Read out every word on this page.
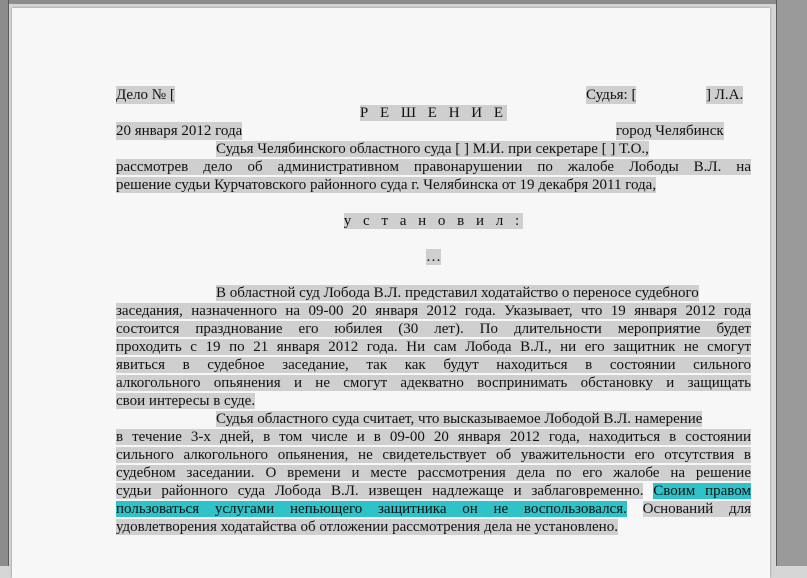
Дело № [	Судья: [	] Л.А.
Р Е Ш Е Н И Е
20 января 2012 года	город Челябинск
Судья Челябинского областного суда [ ] М.И. при секретаре [ ] Т.О.,
рассмотрев дело об административном правонарушении по жалобе Лободы В.Л. на
решение судьи Курчатовского районного суда г. Челябинска от 19 декабря 2011 года,
у с т а н о в и л :
…
В областной суд Лобода В.Л. представил ходатайство о переносе судебного
заседания, назначенного на 09-00 20 января 2012 года. Указывает, что 19 января 2012 года
состоится празднование его юбилея (30 лет). По длительности мероприятие будет
проходить с 19 по 21 января 2012 года. Ни сам Лобода В.Л., ни его защитник не смогут
явиться в судебное заседание, так как будут находиться в состоянии сильного
алкогольного опьянения и не смогут адекватно воспринимать обстановку и защищать
свои интересы в суде.
Судья областного суда считает, что высказываемое Лободой В.Л. намерение
в течение 3-х дней, в том числе и в 09-00 20 января 2012 года, находиться в состоянии
сильного алкогольного опьянения, не свидетельствует об уважительности его отсутствия в
судебном заседании. О времени и месте рассмотрения дела по его жалобе на решение
судьи районного суда Лобода В.Л. извещен надлежаще и заблаговременно. Своим правом
пользоваться услугами непьющего защитника он не воспользовался. Оснований для
удовлетворения ходатайства об отложении рассмотрения дела не установлено.
